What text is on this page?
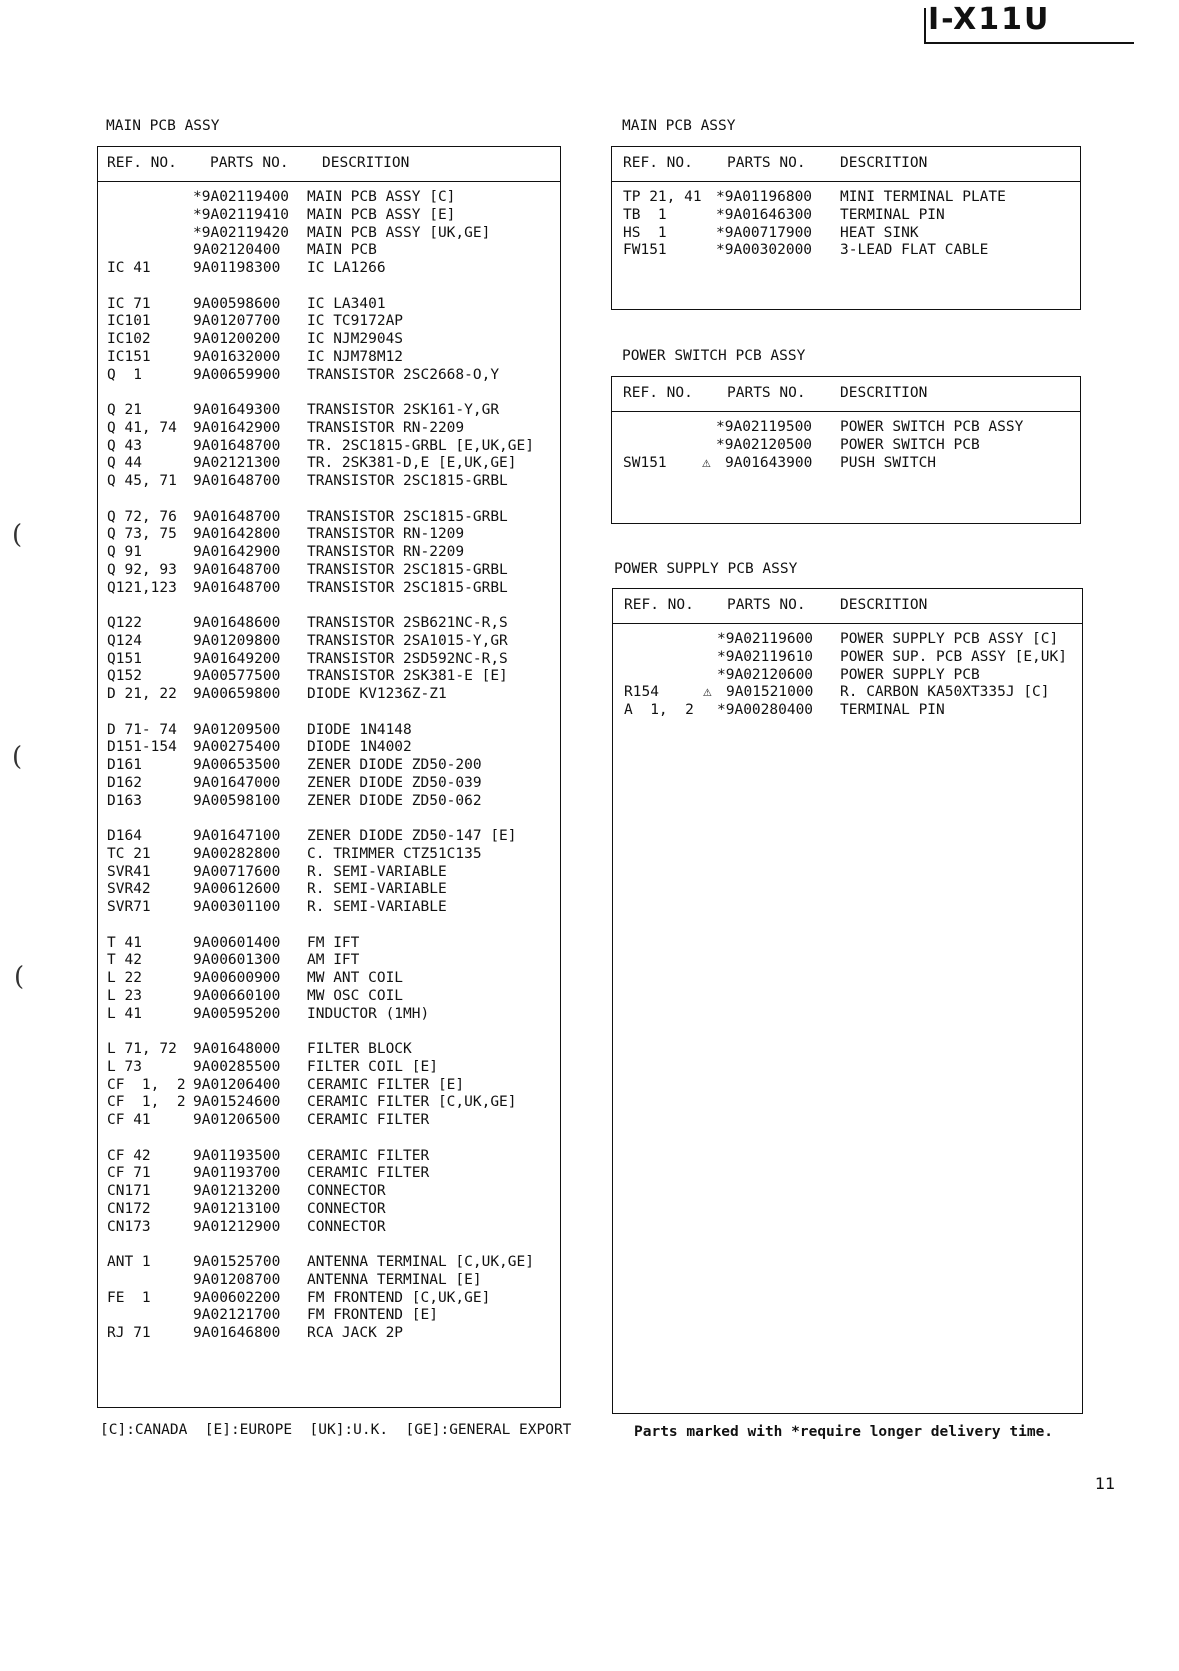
I-X11U
(
(
(
MAIN PCB ASSY
REF. NO. PARTS NO. DESCRITION
*9A02119400 MAIN PCB ASSY [C]
*9A02119410 MAIN PCB ASSY [E]
*9A02119420 MAIN PCB ASSY [UK,GE]
9A02120400 MAIN PCB
IC 41	9A01198300 IC LA1266
IC 71	9A00598600 IC LA3401
IC101	9A01207700 IC TC9172AP
IC102	9A01200200 IC NJM2904S
IC151	9A01632000 IC NJM78M12
Q  1	9A00659900 TRANSISTOR 2SC2668-O,Y
Q 21	9A01649300 TRANSISTOR 2SK161-Y,GR
Q 41, 74 9A01642900 TRANSISTOR RN-2209
Q 43	9A01648700 TR. 2SC1815-GRBL [E,UK,GE]
Q 44	9A02121300 TR. 2SK381-D,E [E,UK,GE]
Q 45, 71 9A01648700 TRANSISTOR 2SC1815-GRBL
Q 72, 76 9A01648700 TRANSISTOR 2SC1815-GRBL
Q 73, 75 9A01642800 TRANSISTOR RN-1209
Q 91	9A01642900 TRANSISTOR RN-2209
Q 92, 93 9A01648700 TRANSISTOR 2SC1815-GRBL
Q121,123 9A01648700 TRANSISTOR 2SC1815-GRBL
Q122	9A01648600 TRANSISTOR 2SB621NC-R,S
Q124	9A01209800 TRANSISTOR 2SA1015-Y,GR
Q151	9A01649200 TRANSISTOR 2SD592NC-R,S
Q152	9A00577500 TRANSISTOR 2SK381-E [E]
D 21, 22 9A00659800 DIODE KV1236Z-Z1
D 71- 74 9A01209500 DIODE 1N4148
D151-154 9A00275400 DIODE 1N4002
D161	9A00653500 ZENER DIODE ZD50-200
D162	9A01647000 ZENER DIODE ZD50-039
D163	9A00598100 ZENER DIODE ZD50-062
D164	9A01647100 ZENER DIODE ZD50-147 [E]
TC 21	9A00282800 C. TRIMMER CTZ51C135
SVR41	9A00717600 R. SEMI-VARIABLE
SVR42	9A00612600 R. SEMI-VARIABLE
SVR71	9A00301100 R. SEMI-VARIABLE
T 41	9A00601400 FM IFT
T 42	9A00601300 AM IFT
L 22	9A00600900 MW ANT COIL
L 23	9A00660100 MW OSC COIL
L 41	9A00595200 INDUCTOR (1MH)
L 71, 72 9A01648000 FILTER BLOCK
L 73	9A00285500 FILTER COIL [E]
CF  1,  2 9A01206400 CERAMIC FILTER [E]
CF  1,  2 9A01524600 CERAMIC FILTER [C,UK,GE]
CF 41	9A01206500 CERAMIC FILTER
CF 42	9A01193500 CERAMIC FILTER
CF 71	9A01193700 CERAMIC FILTER
CN171	9A01213200 CONNECTOR
CN172	9A01213100 CONNECTOR
CN173	9A01212900 CONNECTOR
ANT 1	9A01525700 ANTENNA TERMINAL [C,UK,GE]
9A01208700 ANTENNA TERMINAL [E]
FE  1	9A00602200 FM FRONTEND [C,UK,GE]
9A02121700 FM FRONTEND [E]
RJ 71	9A01646800 RCA JACK 2P
MAIN PCB ASSY
REF. NO. PARTS NO. DESCRITION
TP 21, 41 *9A01196800 MINI TERMINAL PLATE
TB  1	*9A01646300 TERMINAL PIN
HS  1	*9A00717900 HEAT SINK
FW151	*9A00302000 3-LEAD FLAT CABLE
POWER SWITCH PCB ASSY
REF. NO. PARTS NO. DESCRITION
*9A02119500 POWER SWITCH PCB ASSY
*9A02120500 POWER SWITCH PCB
SW151 ⚠ 9A01643900 PUSH SWITCH
POWER SUPPLY PCB ASSY
REF. NO. PARTS NO. DESCRITION
*9A02119600 POWER SUPPLY PCB ASSY [C]
*9A02119610 POWER SUP. PCB ASSY [E,UK]
*9A02120600 POWER SUPPLY PCB
R154	⚠ 9A01521000 R. CARBON KA50XT335J [C]
A  1,  2 *9A00280400 TERMINAL PIN
[C]:CANADA  [E]:EUROPE  [UK]:U.K.  [GE]:GENERAL EXPORT	Parts marked with *require longer delivery time.
11
